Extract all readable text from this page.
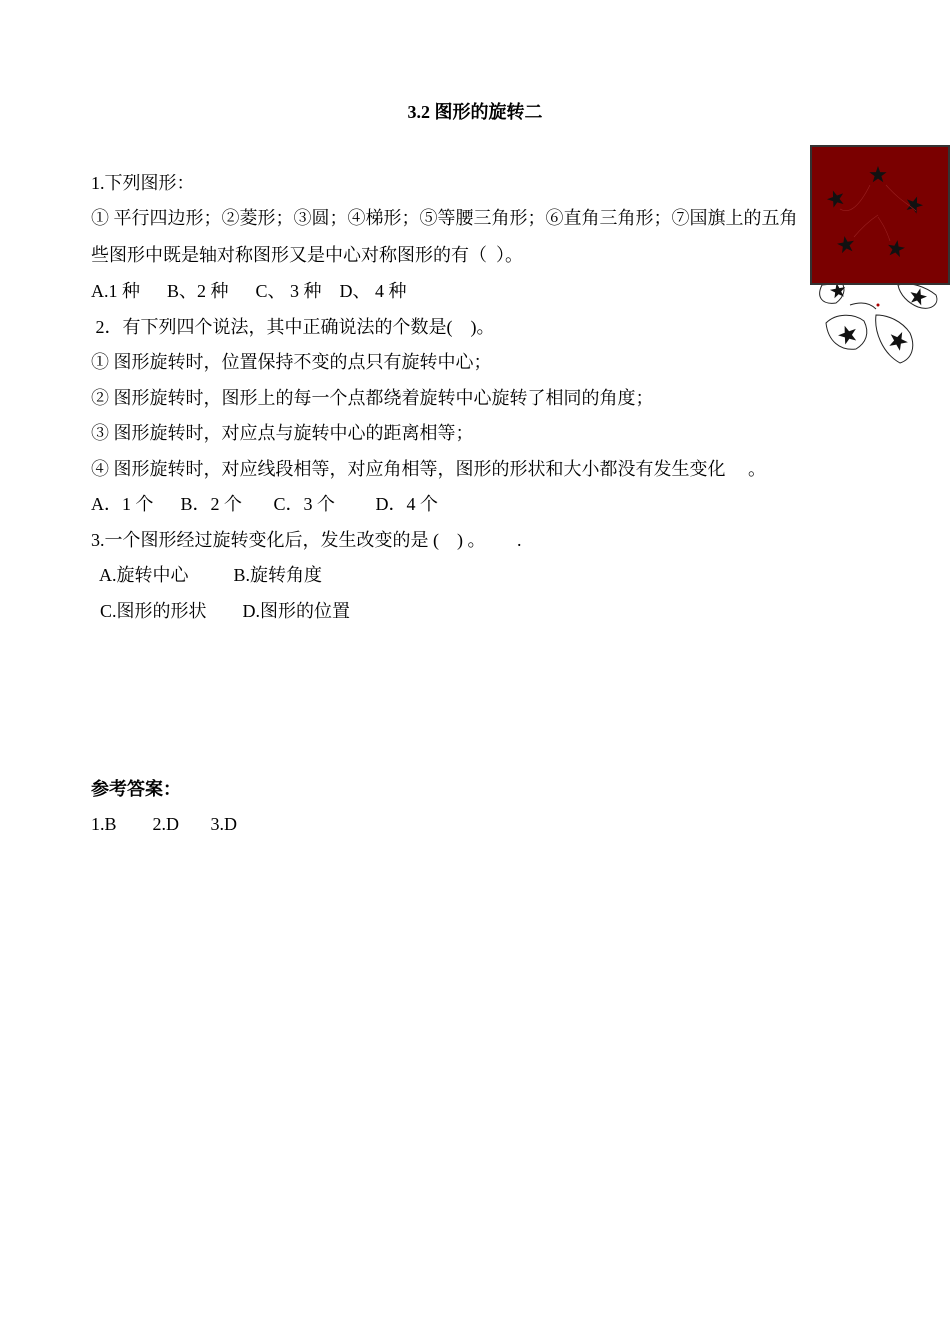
3.2 图形的旋转二
1.下列图形：
① 平行四边形；②菱形；③圆；④梯形；⑤等腰三角形；⑥直角三角形；⑦国旗上的五角
些图形中既是轴对称图形又是中心对称图形的有（  ）。
A.1 种      B、2 种      C、 3 种    D、 4 种
2．有下列四个说法，其中正确说法的个数是(    )。
① 图形旋转时，位置保持不变的点只有旋转中心；
② 图形旋转时，图形上的每一个点都绕着旋转中心旋转了相同的角度；
③ 图形旋转时，对应点与旋转中心的距离相等；
④ 图形旋转时，对应线段相等，对应角相等，图形的形状和大小都没有发生变化     。
A．1 个      B．2 个       C．3 个         D．4 个
3.一个图形经过旋转变化后，发生改变的是 (    ) 。       .
A.旋转中心          B.旋转角度
C.图形的形状        D.图形的位置
参考答案：
1.B        2.D       3.D
